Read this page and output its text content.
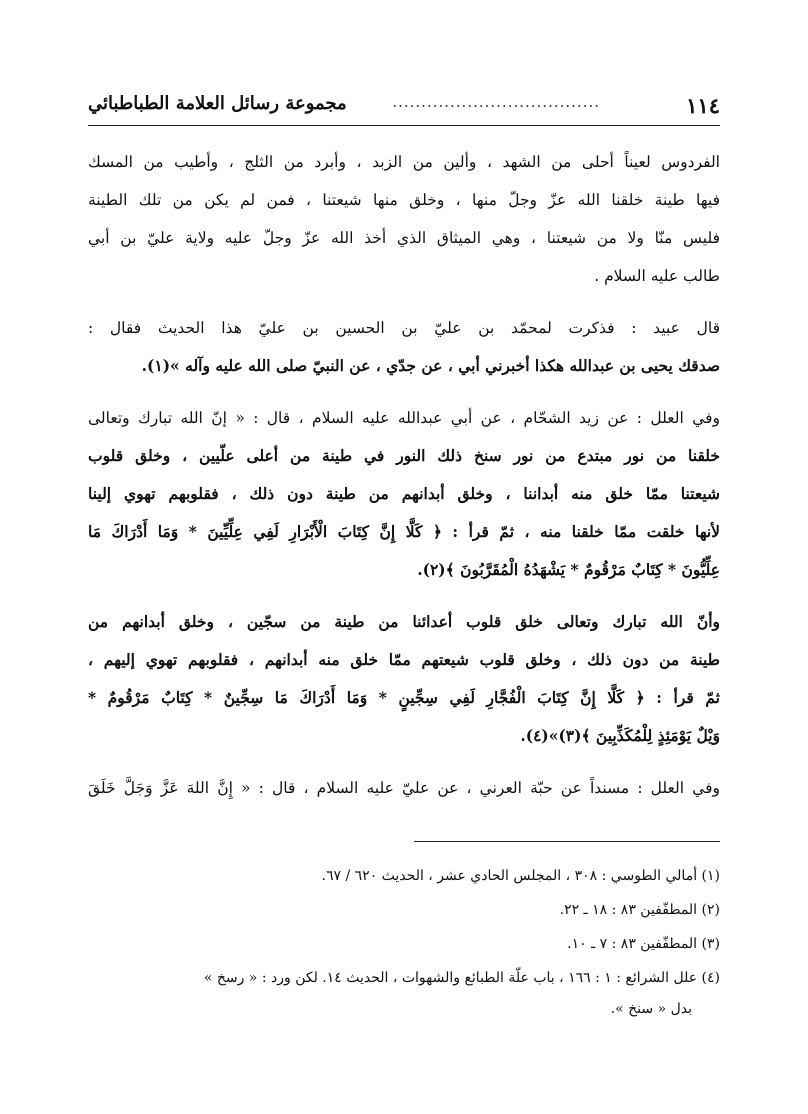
١١٤
....................................
مجموعة رسائل العلامة الطباطبائي
الفردوس لعيناً أحلى من الشهد ، وألين من الزبد ، وأبرد من الثلج ، وأطيب من المسك
فيها طينة خلقنا الله عزّ وجلّ منها ، وخلق منها شيعتنا ، فمن لم يكن من تلك الطينة
فليس منّا ولا من شيعتنا ، وهي الميثاق الذي أخذ الله عزّ وجلّ عليه ولاية عليّ بن أبي
طالب عليه السلام .
قال عبيد : فذكرت لمحمّد بن عليّ بن الحسين بن عليّ هذا الحديث فقال :
صدقك يحيى بن عبدالله هكذا أخبرني أبي ، عن جدّي ، عن النبيّ صلى الله عليه وآله »(١).
وفي العلل : عن زيد الشحّام ، عن أبي عبدالله عليه السلام ، قال : « إنّ الله تبارك وتعالى
خلقنا من نور مبتدع من نور سنخ ذلك النور في طينة من أعلى علّيين ، وخلق قلوب
شيعتنا ممّا خلق منه أبداننا ، وخلق أبدانهم من طينة دون ذلك ، فقلوبهم تهوي إلينا
لأنها خلقت ممّا خلقنا منه ، ثمّ قرأ : ﴿ كَلَّا إِنَّ كِتَابَ الْأَبْرَارِ لَفِي عِلِّيِّينَ * وَمَا أَدْرَاكَ مَا
عِلِّيُّونَ * كِتَابٌ مَرْقُومٌ * يَشْهَدُهُ الْمُقَرَّبُونَ ﴾(٢).
وأنّ الله تبارك وتعالى خلق قلوب أعدائنا من طينة من سجّين ، وخلق أبدانهم من
طينة من دون ذلك ، وخلق قلوب شيعتهم ممّا خلق منه أبدانهم ، فقلوبهم تهوي إليهم ،
ثمّ قرأ : ﴿ كَلَّا إِنَّ كِتَابَ الْفُجَّارِ لَفِي سِجِّينٍ * وَمَا أَدْرَاكَ مَا سِجِّينٌ * كِتَابٌ مَرْقُومٌ *
وَيْلٌ يَوْمَئِذٍ لِلْمُكَذِّبِينَ ﴾(٣)»(٤).
وفي العلل : مسنداً عن حبّة العرني ، عن عليّ عليه السلام ، قال : « إِنَّ اللهَ عَزَّ وَجَلَّ خَلَقَ
(١) أمالي الطوسي : ٣٠٨ ، المجلس الحادي عشر ، الحديث ٦٢٠ / ٦٧.
(٢) المطفّفين ٨٣ : ١٨ ـ ٢٢.
(٣) المطفّفين ٨٣ : ٧ ـ ١٠.
(٤) علل الشرائع : ١ : ١٦٦ ، باب علّة الطبائع والشهوات ، الحديث ١٤. لكن ورد : « رسخ »
بدل « سنخ ».
